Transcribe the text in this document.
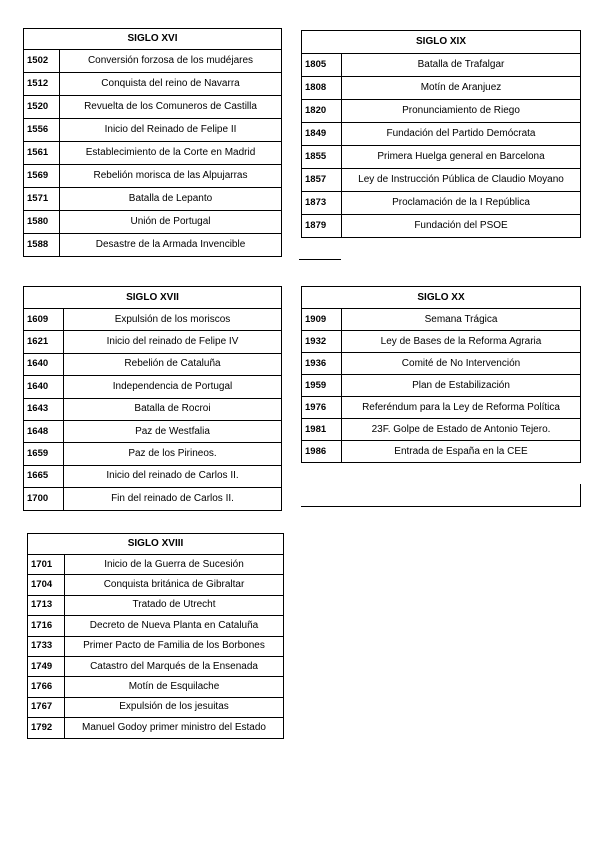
SIGLO XVI	
1502	Conversión forzosa de los mudéjares
1512	Conquista del reino de Navarra
1520	Revuelta de los Comuneros de Castilla
1556	Inicio del Reinado de Felipe II
1561	Establecimiento de la Corte en Madrid
1569	Rebelión morisca de las Alpujarras
1571	Batalla de Lepanto
1580	Unión de Portugal
1588	Desastre de la Armada Invencible
SIGLO XIX	
1805	Batalla de Trafalgar
1808	Motín de Aranjuez
1820	Pronunciamiento de Riego
1849	Fundación del Partido Demócrata
1855	Primera Huelga general en Barcelona
1857	Ley de Instrucción Pública de Claudio Moyano
1873	Proclamación de la I República
1879	Fundación del PSOE
SIGLO XVII	
1609	Expulsión de los moriscos
1621	Inicio del reinado de Felipe IV
1640	Rebelión de Cataluña
1640	Independencia de Portugal
1643	Batalla de Rocroi
1648	Paz de Westfalia
1659	Paz de los Pirineos.
1665	Inicio del reinado de Carlos II.
1700	Fin del reinado de Carlos II.
SIGLO XX	
1909	Semana Trágica
1932	Ley de Bases de la Reforma Agraria
1936	Comité de No Intervención
1959	Plan de Estabilización
1976	Referéndum para la Ley de Reforma Política
1981	23F. Golpe de Estado de Antonio Tejero.
1986	Entrada de España en la CEE
SIGLO XVIII	
1701	Inicio de la Guerra de Sucesión
1704	Conquista británica de Gibraltar
1713	Tratado de Utrecht
1716	Decreto de Nueva Planta en Cataluña
1733	Primer Pacto de Familia de los Borbones
1749	Catastro del Marqués de la Ensenada
1766	Motín de Esquilache
1767	Expulsión de los jesuitas
1792	Manuel Godoy primer ministro del Estado
